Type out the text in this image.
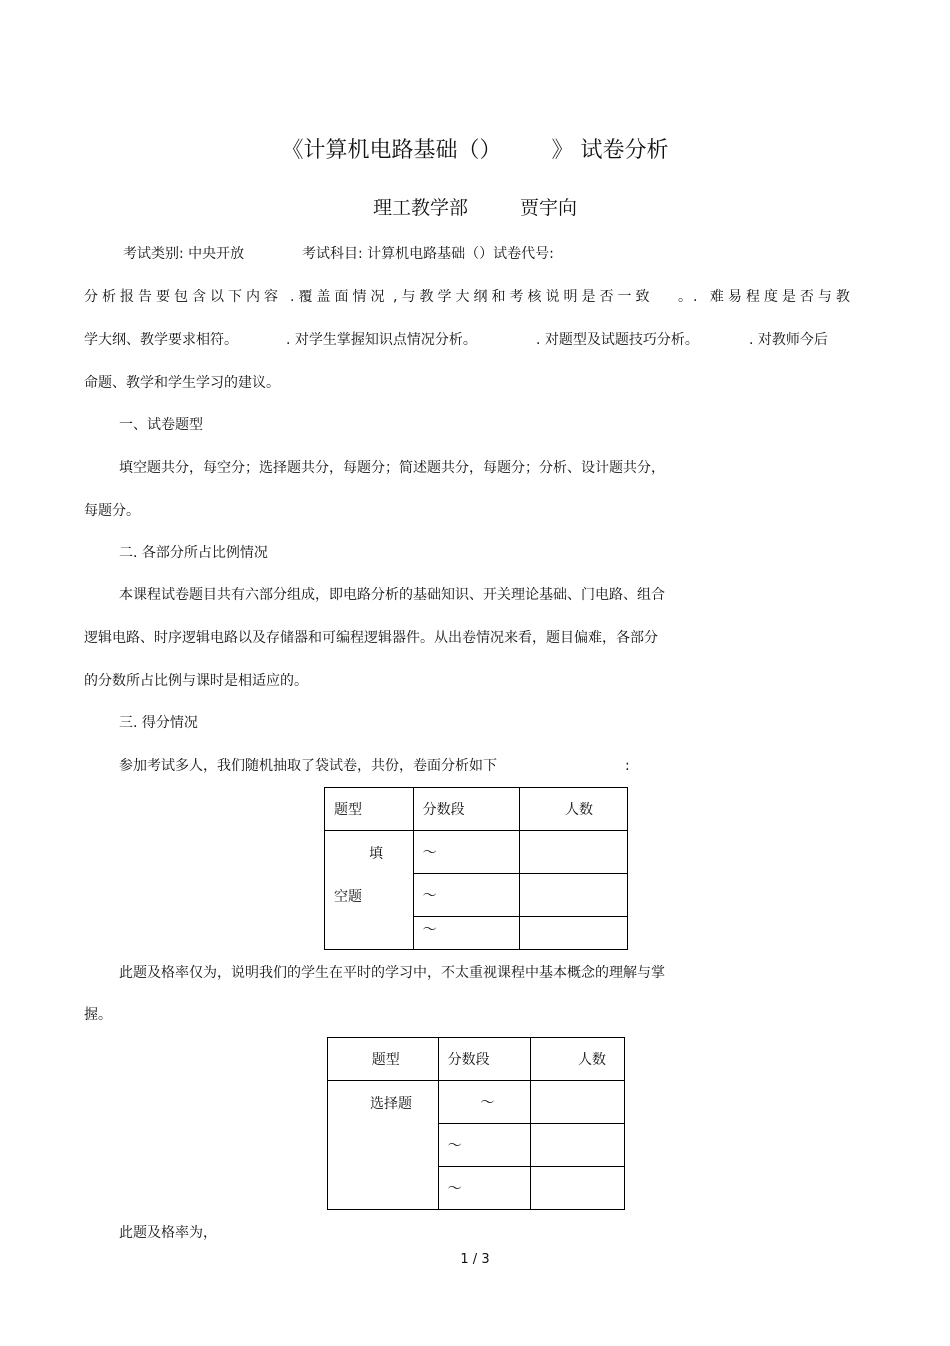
《计算机电路基础（） 》 试卷分析
理工教学部	贾宇向
考试类别: 中央开放	考试科目: 计算机电路基础（）试卷代号:
分析报告要包含以下内容 .覆盖面情况 ,与教学大纲和考核说明是否一致 。 . 难易程度是否与教
学大纲、教学要求相符。	. 对学生掌握知识点情况分析。	. 对题型及试题技巧分析。	. 对教师今后
命题、教学和学生学习的建议。
一、试卷题型
填空题共分，每空分；选择题共分，每题分；简述题共分，每题分；分析、设计题共分，
每题分。
二. 各部分所占比例情况
本课程试卷题目共有六部分组成，即电路分析的基础知识、开关理论基础、门电路、组合
逻辑电路、时序逻辑电路以及存储器和可编程逻辑器件。从出卷情况来看，题目偏难，各部分
的分数所占比例与课时是相适应的。
三. 得分情况
参加考试多人，我们随机抽取了袋试卷，共份，卷面分析如下	:
题型	分数段	人数

填
空题	～	
	～	
	～	
此题及格率仅为，说明我们的学生在平时的学习中，不太重视课程中基本概念的理解与掌
握。
题型	分数段	人数

选择题	～	
	～	
	～	
此题及格率为，
1 / 3
